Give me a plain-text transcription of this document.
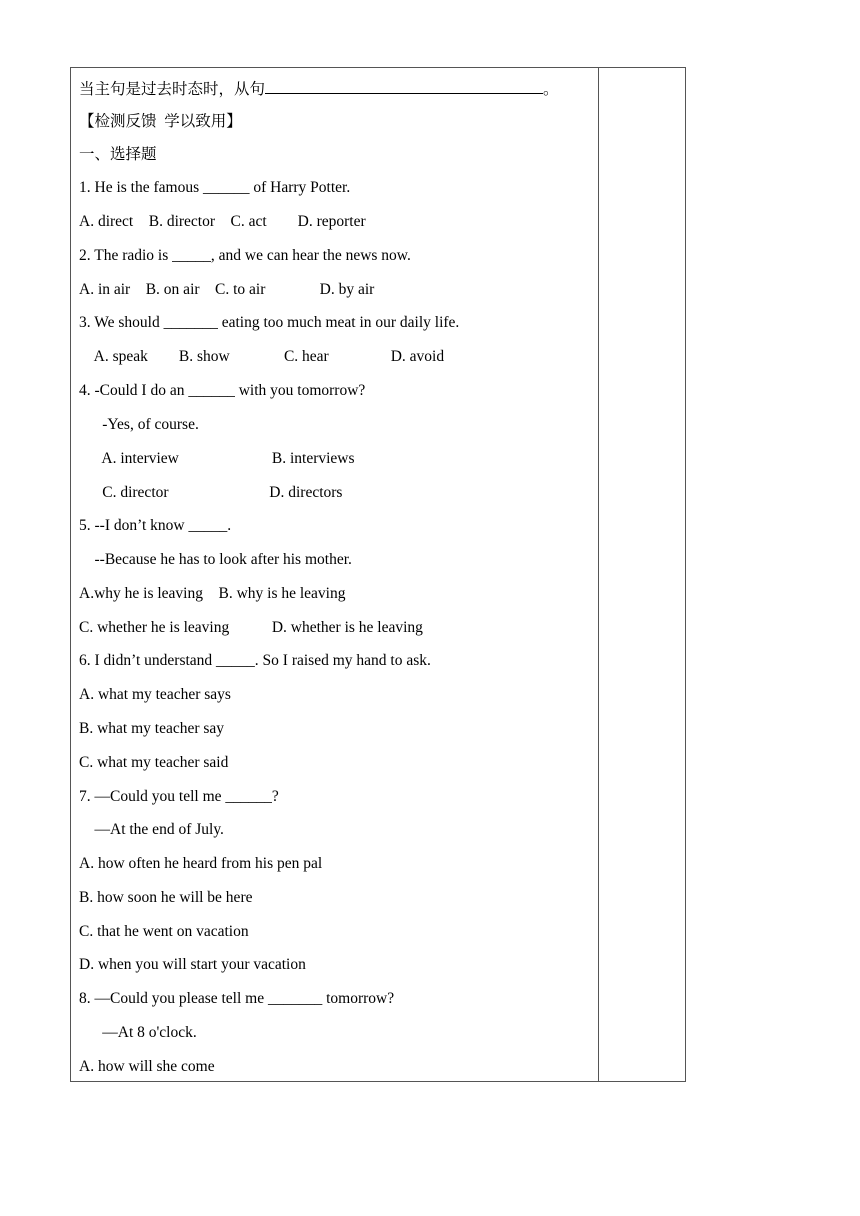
当主句是过去时态时，从句	。
【检测反馈  学以致用】
一、选择题
1. He is the famous ______ of Harry Potter.
A. direct    B. director    C. act        D. reporter
2. The radio is _____, and we can hear the news now.
A. in air    B. on air    C. to air              D. by air
3. We should _______ eating too much meat in our daily life.
A. speak        B. show              C. hear                D. avoid
4. -Could I do an ______ with you tomorrow?
-Yes, of course.
A. interview                        B. interviews
C. director                          D. directors
5. --I don’t know _____.
--Because he has to look after his mother.
A.why he is leaving    B. why is he leaving
C. whether he is leaving           D. whether is he leaving
6. I didn’t understand _____. So I raised my hand to ask.
A. what my teacher says
B. what my teacher say
C. what my teacher said
7. —Could you tell me ______?
—At the end of July.
A. how often he heard from his pen pal
B. how soon he will be here
C. that he went on vacation
D. when you will start your vacation
8. —Could you please tell me _______ tomorrow?
—At 8 o'clock.
A. how will she come
